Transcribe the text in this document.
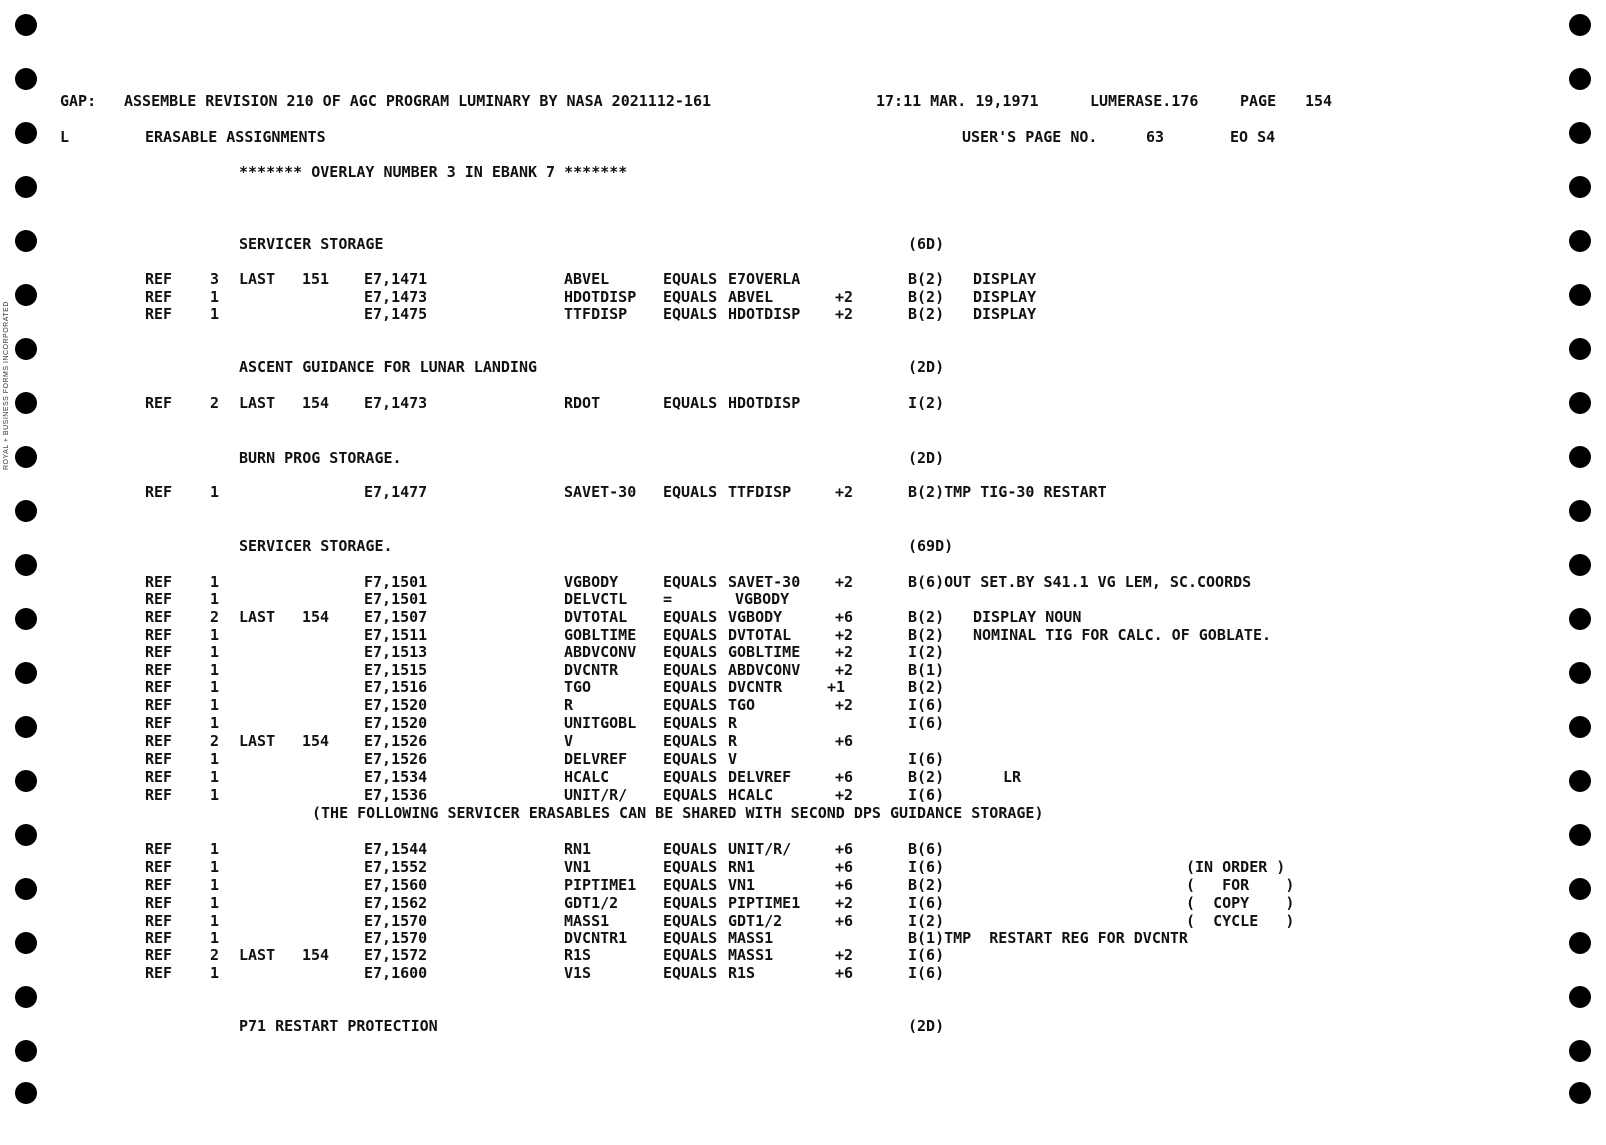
ROYAL + BUSINESS FORMS INCORPORATED

GAP:

ASSEMBLE REVISION 210 OF AGC PROGRAM LUMINARY BY NASA 2021112-161

	17:11 MAR. 19,1971

	LUMERASE.176

	PAGE

154

L

	ERASABLE ASSIGNMENTS

	USER'S PAGE NO.

	63

	EO S4

******* OVERLAY NUMBER 3 IN EBANK 7 *******
SERVICER STORAGE	(6D)
REF	3 LAST 151 E7,1471	ABVEL	EQUALS E7OVERLA	B(2) DISPLAY
REF	1	E7,1473	HDOTDISP EQUALS ABVEL	+2	B(2) DISPLAY
REF	1	E7,1475	TTFDISP EQUALS HDOTDISP +2	B(2) DISPLAY
ASCENT GUIDANCE FOR LUNAR LANDING	(2D)
REF	2 LAST 154 E7,1473	RDOT	EQUALS HDOTDISP	I(2)
BURN PROG STORAGE.	(2D)
REF	1	E7,1477	SAVET-30 EQUALS TTFDISP	+2	B(2)TMP TIG-30 RESTART
SERVICER STORAGE.	(69D)
REF	1	F7,1501	VGBODY	EQUALS SAVET-30 +2	B(6)OUT SET.BY S41.1 VG LEM, SC.COORDS
REF	1	E7,1501	DELVCTL =	VGBODY
REF	2 LAST 154 E7,1507	DVTOTAL EQUALS VGBODY	+6	B(2) DISPLAY NOUN
REF	1	E7,1511	GOBLTIME EQUALS DVTOTAL	+2	B(2) NOMINAL TIG FOR CALC. OF GOBLATE.
REF	1	E7,1513	ABDVCONV EQUALS GOBLTIME +2	I(2)
REF	1	E7,1515	DVCNTR	EQUALS ABDVCONV +2	B(1)
REF	1	E7,1516	TGO	EQUALS DVCNTR	+1	B(2)
REF	1	E7,1520	R	EQUALS TGO	+2	I(6)
REF	1	E7,1520	UNITGOBL EQUALS R	I(6)
REF	2 LAST 154 E7,1526	V	EQUALS R	+6
REF	1	E7,1526	DELVREF EQUALS V	I(6)
REF	1	E7,1534	HCALC	EQUALS DELVREF	+6	B(2)	LR
REF	1	E7,1536	UNIT/R/ EQUALS HCALC	+2	I(6)
(THE FOLLOWING SERVICER ERASABLES CAN BE SHARED WITH SECOND DPS GUIDANCE STORAGE)
REF	1	E7,1544	RN1	EQUALS UNIT/R/	+6	B(6)
REF	1	E7,1552	VN1	EQUALS RN1	+6	I(6)	(IN ORDER )
REF	1	E7,1560	PIPTIME1 EQUALS VN1	+6	B(2)	(   FOR    )
REF	1	E7,1562	GDT1/2	EQUALS PIPTIME1 +2	I(6)	(  COPY    )
REF	1	E7,1570	MASS1	EQUALS GDT1/2	+6	I(2)	(  CYCLE   )
REF	1	E7,1570	DVCNTR1 EQUALS MASS1	B(1)TMP  RESTART REG FOR DVCNTR
REF	2 LAST 154 E7,1572	R1S	EQUALS MASS1	+2	I(6)
REF	1	E7,1600	V1S	EQUALS R1S	+6	I(6)
P71 RESTART PROTECTION	(2D)
